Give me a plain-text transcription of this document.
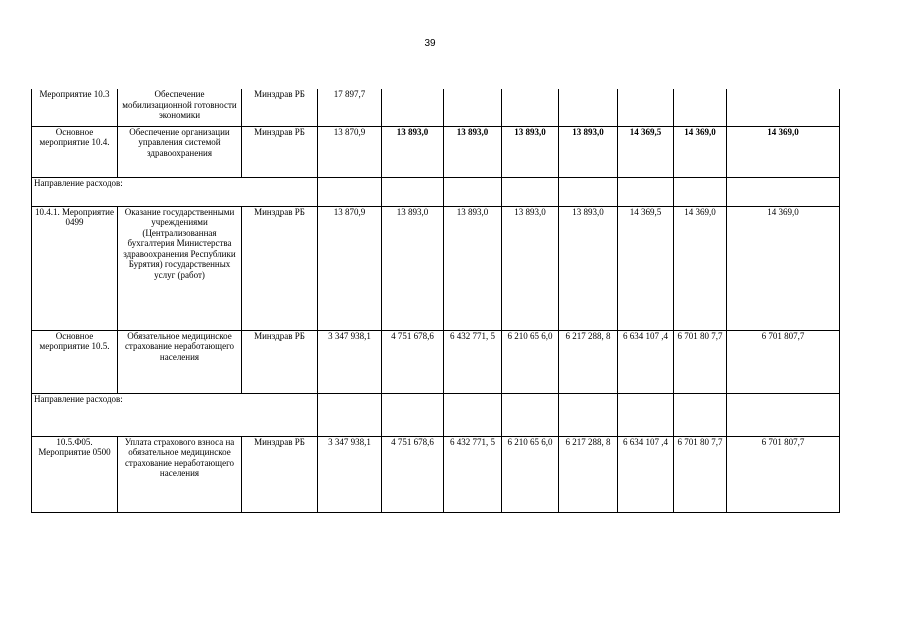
39
Мероприятие 10.3	Обеспечение мобилизационной готовности экономики	Минздрав РБ	17 897,7							
Основное мероприятие 10.4.	Обеспечение организации управления системой здравоохранения	Минздрав РБ	13 870,9	13 893,0	13 893,0	13 893,0	13 893,0	14 369,5	14 369,0	14 369,0
Направление расходов:										
10.4.1. Мероприятие 0499	Оказание государственными учреждениями (Централизованная бухгалтерия Министерства здравоохранения Республики Бурятия) государственных услуг (работ)	Минздрав РБ	13 870,9	13 893,0	13 893,0	13 893,0	13 893,0	14 369,5	14 369,0	14 369,0
Основное мероприятие 10.5.	Обязательное медицинское страхование неработающего населения	Минздрав РБ	3 347 938,1	4 751 678,6	6 432 771, 5	6 210 65 6,0	6 217 288, 8	6 634 107 ,4	6 701 80 7,7	6 701 807,7
Направление расходов:										
10.5.Ф05. Мероприятие 0500	Уплата страхового взноса на обязательное медицинское страхование неработающего населения	Минздрав РБ	3 347 938,1	4 751 678,6	6 432 771, 5	6 210 65 6,0	6 217 288, 8	6 634 107 ,4	6 701 80 7,7	6 701 807,7
